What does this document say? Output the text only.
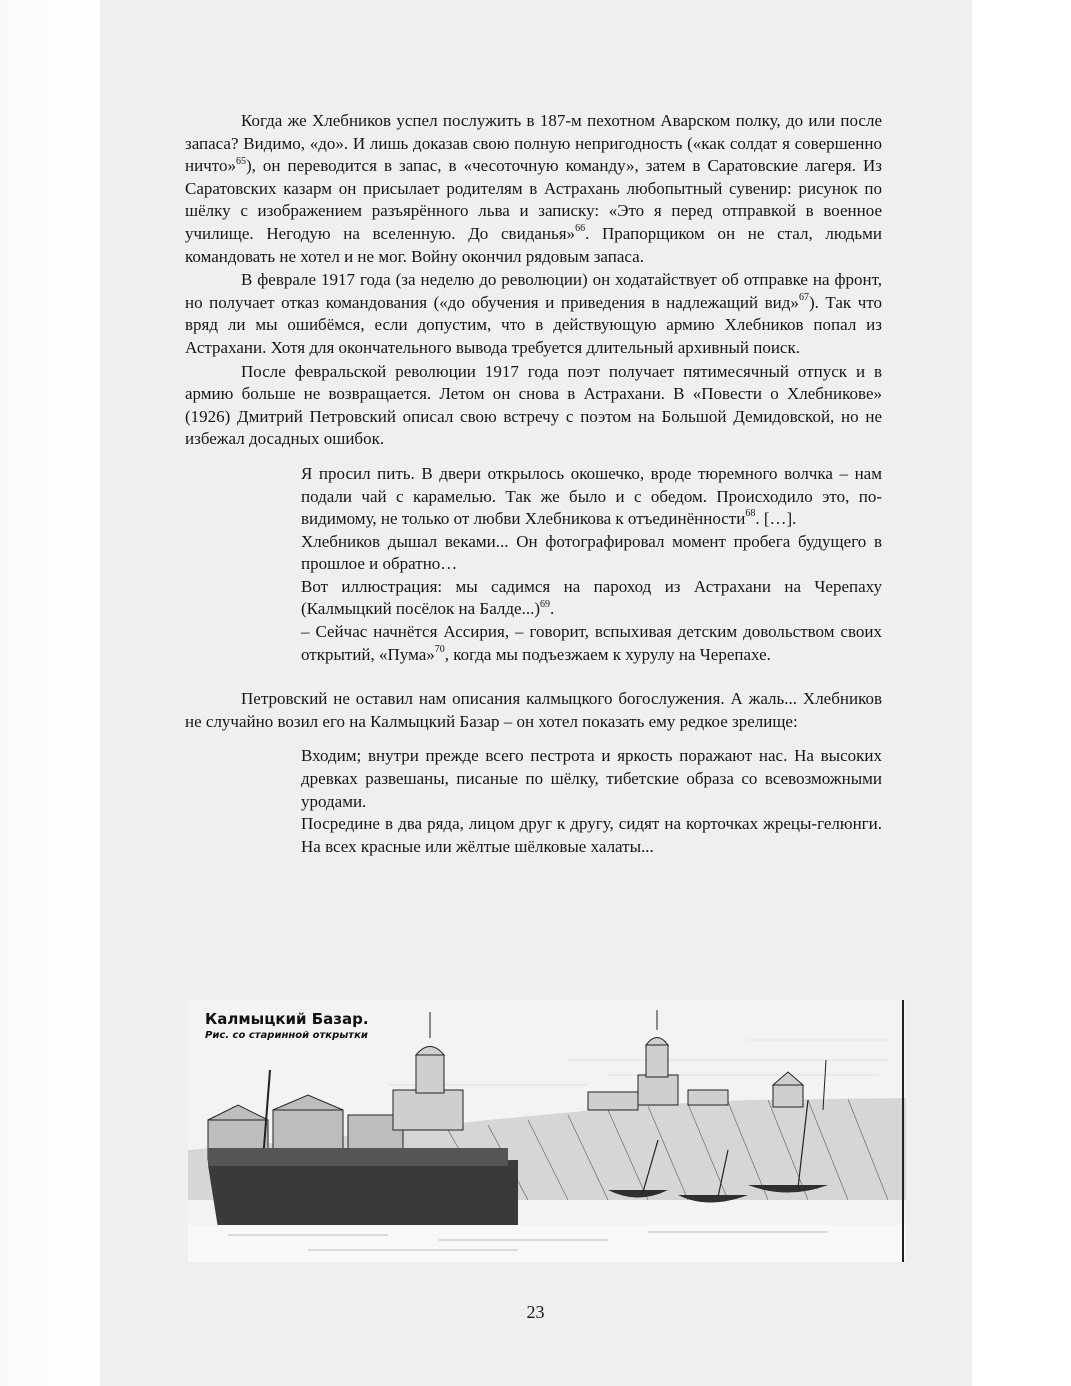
Когда же Хлебников успел послужить в 187-м пехотном Аварском полку, до или после запаса? Видимо, «до». И лишь доказав свою полную непригодность («как солдат я совершенно ничто»$^{65}$), он переводится в запас, в «чесоточную команду», затем в Саратовские лагеря. Из Саратовских казарм он присылает родителям в Астрахань любопытный сувенир: рисунок по шёлку с изображением разъярённого льва и записку: «Это я перед отправкой в военное училище. Негодую на вселенную. До свиданья»$^{66}$. Прапорщиком он не стал, людьми командовать не хотел и не мог. Войну окончил рядовым запаса.

В феврале 1917 года (за неделю до революции) он ходатайствует об отправке на фронт, но получает отказ командования («до обучения и приведения в надлежащий вид»$^{67}$). Так что вряд ли мы ошибёмся, если допустим, что в действующую армию Хлебников попал из Астрахани. Хотя для окончательного вывода требуется длительный архивный поиск.

После февральской революции 1917 года поэт получает пятимесячный отпуск и в армию больше не возвращается. Летом он снова в Астрахани. В «Повести о Хлебникове» (1926) Дмитрий Петровский описал свою встречу с поэтом на Большой Демидовской, но не избежал досадных ошибок.

Я просил пить. В двери открылось окошечко, вроде тюремного волчка – нам подали чай с карамелью. Так же было и с обедом. Происходило это, по-видимому, не только от любви Хлебникова к отъединённости$^{68}$. […].
Хлебников дышал веками... Он фотографировал момент пробега будущего в прошлое и обратно…
Вот иллюстрация: мы садимся на пароход из Астрахани на Черепаху (Калмыцкий посёлок на Балде...)$^{69}$.
– Сейчас начнётся Ассирия, – говорит, вспыхивая детским довольством своих открытий, «Пума»$^{70}$, когда мы подъезжаем к хурулу на Черепахе.

Петровский не оставил нам описания калмыцкого богослужения. А жаль... Хлебников не случайно возил его на Калмыцкий Базар – он хотел показать ему редкое зрелище:

Входим; внутри прежде всего пестрота и яркость поражают нас. На высоких древках развешаны, писаные по шёлку, тибетские образа со всевозможными уродами.
Посредине в два ряда, лицом друг к другу, сидят на корточках жрецы-гелюнги. На всех красные или жёлтые шёлковые халаты...
Калмыцкий Базар.
Рис. со старинной открытки
23
